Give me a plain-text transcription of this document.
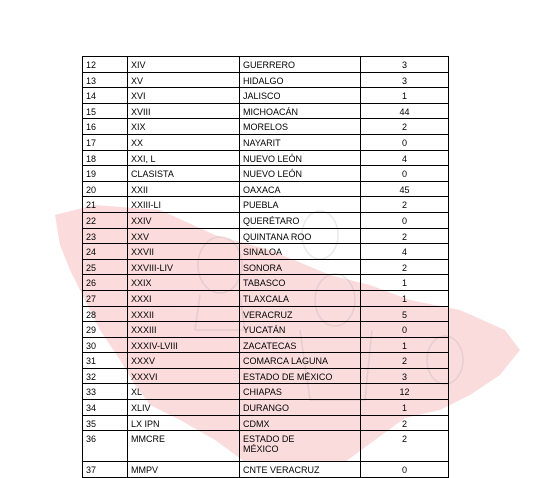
12	XIV	GUERRERO	3
13	XV	HIDALGO	3
14	XVI	JALISCO	1
15	XVIII	MICHOACÁN	44
16	XIX	MORELOS	2
17	XX	NAYARIT	0
18	XXI, L	NUEVO LEÓN	4
19	CLASISTA	NUEVO LEÓN	0
20	XXII	OAXACA	45
21	XXIII-LI	PUEBLA	2
22	XXIV	QUERÉTARO	0
23	XXV	QUINTANA ROO	2
24	XXVII	SINALOA	4
25	XXVIII-LIV	SONORA	2
26	XXIX	TABASCO	1
27	XXXI	TLAXCALA	1
28	XXXII	VERACRUZ	5
29	XXXIII	YUCATÁN	0
30	XXXIV-LVIII	ZACATECAS	1
31	XXXV	COMARCA LAGUNA	2
32	XXXVI	ESTADO DE MÉXICO	3
33	XL	CHIAPAS	12
34	XLIV	DURANGO	1
35	LX IPN	CDMX	2
36	MMCRE	ESTADO DE MÉXICO	2
37	MMPV	CNTE VERACRUZ	0
